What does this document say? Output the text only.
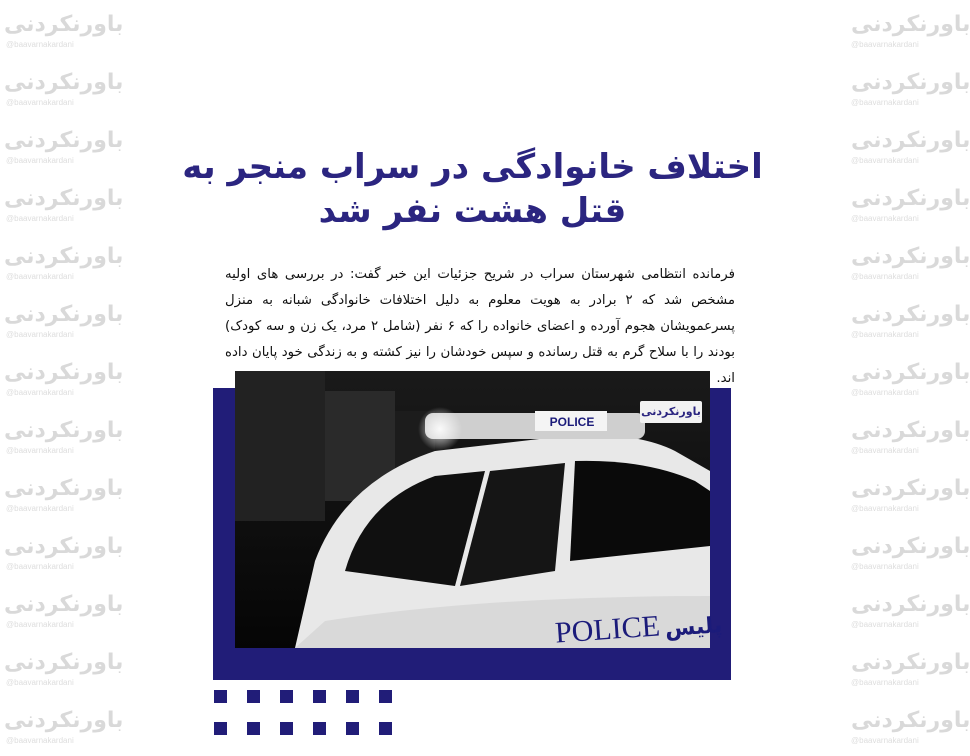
باورنکردنی
@baavarnakardani
باورنکردنی
@baavarnakardani
باورنکردنی
@baavarnakardani
باورنکردنی
@baavarnakardani
باورنکردنی
@baavarnakardani
باورنکردنی
@baavarnakardani
باورنکردنی
@baavarnakardani
باورنکردنی
@baavarnakardani
باورنکردنی
@baavarnakardani
باورنکردنی
@baavarnakardani
باورنکردنی
@baavarnakardani
باورنکردنی
@baavarnakardani
باورنکردنی
@baavarnakardani
باورنکردنی
@baavarnakardani
باورنکردنی
@baavarnakardani
باورنکردنی
@baavarnakardani
باورنکردنی
@baavarnakardani
باورنکردنی
@baavarnakardani
باورنکردنی
@baavarnakardani
باورنکردنی
@baavarnakardani
باورنکردنی
@baavarnakardani
باورنکردنی
@baavarnakardani
باورنکردنی
@baavarnakardani
باورنکردنی
@baavarnakardani
باورنکردنی
@baavarnakardani
باورنکردنی
@baavarnakardani
اختلاف خانوادگی در سراب منجر به
قتل هشت نفر شد
فرمانده انتظامی شهرستان سراب در شریح جزئیات این خبر گفت: در بررسی های اولیه مشخص شد که ۲ برادر به هویت معلوم به دلیل اختلافات خانوادگی شبانه به منزل پسرعمویشان هجوم آورده و اعضای خانواده را که ۶ نفر (شامل ۲ مرد، یک زن و سه کودک) بودند را با سلاح گرم به قتل رسانده و سپس خودشان را نیز کشته و به زندگی خود پایان داده اند.
POLICE
POLICE پلیس
باورنکردنی
